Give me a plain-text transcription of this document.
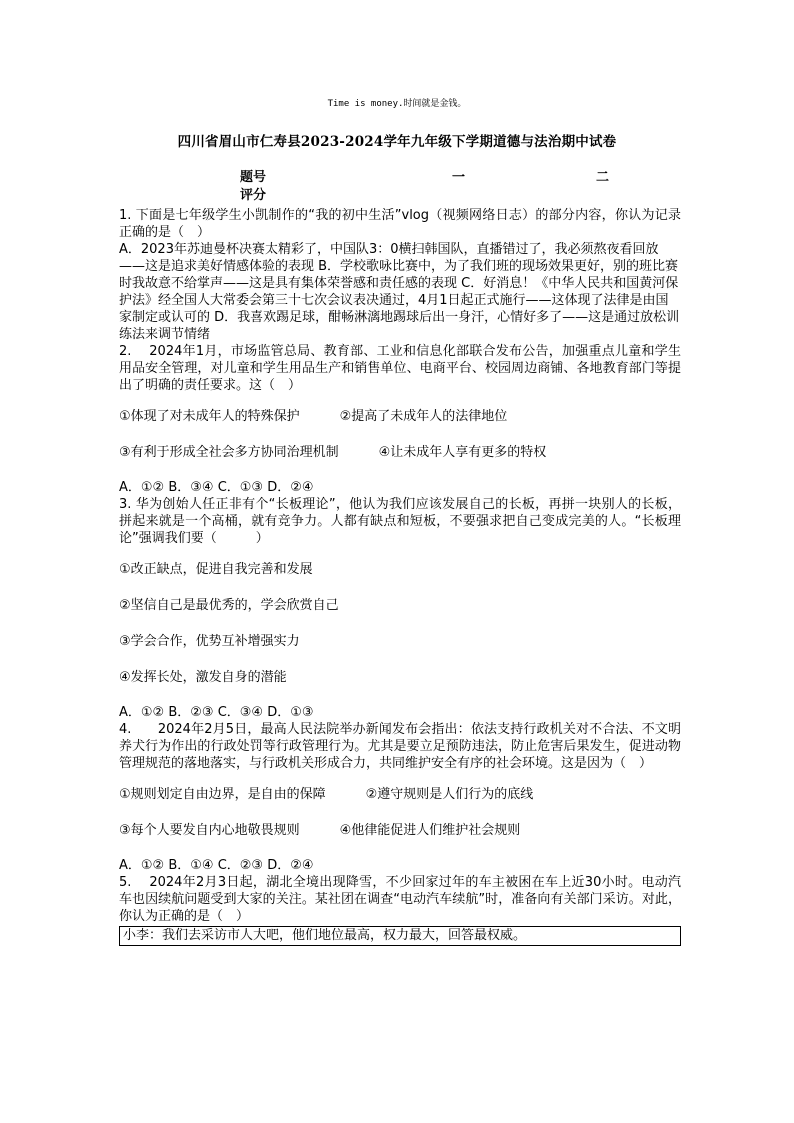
Time is money.时间就是金钱。
四川省眉山市仁寿县2023-2024学年九年级下学期道德与法治期中试卷
题号	一	二
评分

1. 下面是七年级学生小凯制作的“我的初中生活”vlog（视频网络日志）的部分内容，你认为记录正确的是（　）

A．2023年苏迪曼杯决赛太精彩了，中国队3：0横扫韩国队，直播错过了，我必须熬夜看回放——这是追求美好情感体验的表现 B．学校歌咏比赛中，为了我们班的现场效果更好，别的班比赛时我故意不给掌声——这是具有集体荣誉感和责任感的表现 C．好消息！《中华人民共和国黄河保护法》经全国人大常委会第三十七次会议表决通过，4月1日起正式施行——这体现了法律是由国家制定或认可的 D．我喜欢踢足球，酣畅淋漓地踢球后出一身汗，心情好多了——这是通过放松训练法来调节情绪

2.　 2024年1月，市场监管总局、教育部、工业和信息化部联合发布公告，加强重点儿童和学生用品安全管理，对儿童和学生用品生产和销售单位、电商平台、校园周边商铺、各地教育部门等提出了明确的责任要求。这（　）

①体现了对未成年人的特殊保护	②提高了未成年人的法律地位

③有利于形成全社会多方协同治理机制	④让未成年人享有更多的特权

A．①② B．③④ C．①③ D．②④

3. 华为创始人任正非有个“长板理论”，他认为我们应该发展自己的长板，再拼一块别人的长板，拼起来就是一个高桶，就有竞争力。人都有缺点和短板，不要强求把自己变成完美的人。“长板理论”强调我们要（　　　）

①改正缺点，促进自我完善和发展

②坚信自己是最优秀的，学会欣赏自己

③学会合作，优势互补增强实力

④发挥长处，激发自身的潜能

A．①② B．②③ C．③④ D．①③

4.　　2024年2月5日，最高人民法院举办新闻发布会指出：依法支持行政机关对不合法、不文明养犬行为作出的行政处罚等行政管理行为。尤其是要立足预防违法，防止危害后果发生，促进动物管理规范的落地落实，与行政机关形成合力，共同维护安全有序的社会环境。这是因为（　）

①规则划定自由边界，是自由的保障	②遵守规则是人们行为的底线

③每个人要发自内心地敬畏规则	④他律能促进人们维护社会规则

A．①② B．①④ C．②③ D．②④

5.　 2024年2月3日起，湖北全境出现降雪，不少回家过年的车主被困在车上近30小时。电动汽车也因续航问题受到大家的关注。某社团在调查“电动汽车续航”时，准备向有关部门采访。对此，你认为正确的是（　）

小李：我们去采访市人大吧，他们地位最高，权力最大，回答最权威。
